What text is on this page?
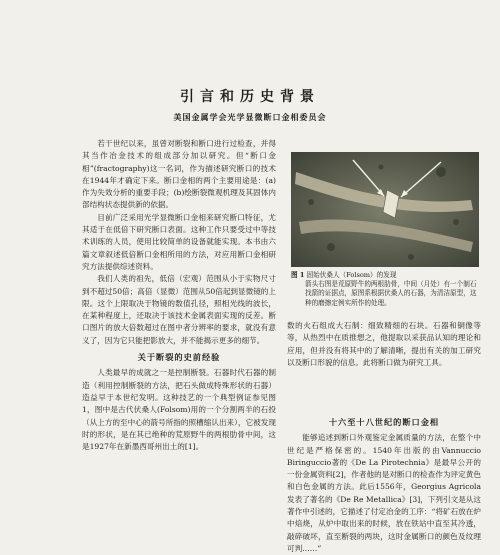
引言和历史背景
美国金属学会光学显微断口金相委员会

若干世纪以来，虽曾对断裂和断口进行过检查，并得其当作冶金技术的组成部分加以研究。但“断口金相”(fractography)这一名词，作为描述研究断口的技术在1944年才确定下来。断口金相的两个主要用途是：(a)作为失效分析的重要手段；(b)绘断裂微观机理及其固体内部结构状态提供新的依据。

目前广泛采用光学显微断口金相来研究断口特征，尤其适于在低倍下研究断口表面。这种工作只要受过中等技术训练的人员，使用比较简单的设备就能实现。本书由六篇文章叙述低倍断口金相所用的方法，对应用断口金相研究方法提供综述资料。

我们人类的祖先，低倍（宏观）范围从小于实物尺寸到不超过50倍；高倍（显微）范围从50倍起到显微镜的上限。这个上限取决于物镜的数值孔径，照相光线的波长，在某种程度上，还取决于该技术金属表面实现的反差。断口图片的放大倍数超过在图中者分辨率的要求，就没有意义了，因为它只能把影放大，并不能揭示更多的细节。

关于断裂的史前经验

人类最早的成就之一是控制断裂。石器时代石器的制造（利用控制断裂的方法，把石头做成特殊形状的石器）造益早于本世纪发明。这种技艺的一个典型例证参见图1，图中是古代伏桑人(Folsom)用的一个分割两半的石投（从上方的至中心的箭号所指的照槽缩认出来），它被发现时的形状，是在其已绝种的荒原野牛的两根肋骨中间，这是1927年在新墨西哥州出土的[1]。

图 1 固始伏桑人（Folsom）的发现
箭头右图是荒原野牛的两根肋骨，中间（月处）有一个制石找箭的证据点，原图系根据伏桑人的石器，为清洁原型，这种的磨擦定例实所作的处理。

数的火石组成大石制：细致精细的石块。石器和铜像等等，从热烈中在质推想之，他提取以采获品认知的理论和应用，但并没有将其中的了解清晰，提出有关的加工研究以及断口形貌的信息。此将断口做为研究工具。

十六至十八世纪的断口金相

能够追述到断口外观鉴定金属质量的方法，在整个中世纪是严格保密的。1540年出版的由Vannuccio Biringuccio著的《De La Pirotechnia》是最早公开的一份金属资料[2]，作者他的是对断口的检查作为评定黄色和白色金属的方法。此后1556年，Georgius Agricola发表了著名的《De Re Metallica》[3]，下列引文是从这著作中引述的，它描述了付定冶金的工序：“将矿石放在炉中焙烧，从炉中取出来的时候，放在铁站中直至其冷透，敲碎破坏，直至断裂的两块，这时金属断口的颜色及纹理可判……”
